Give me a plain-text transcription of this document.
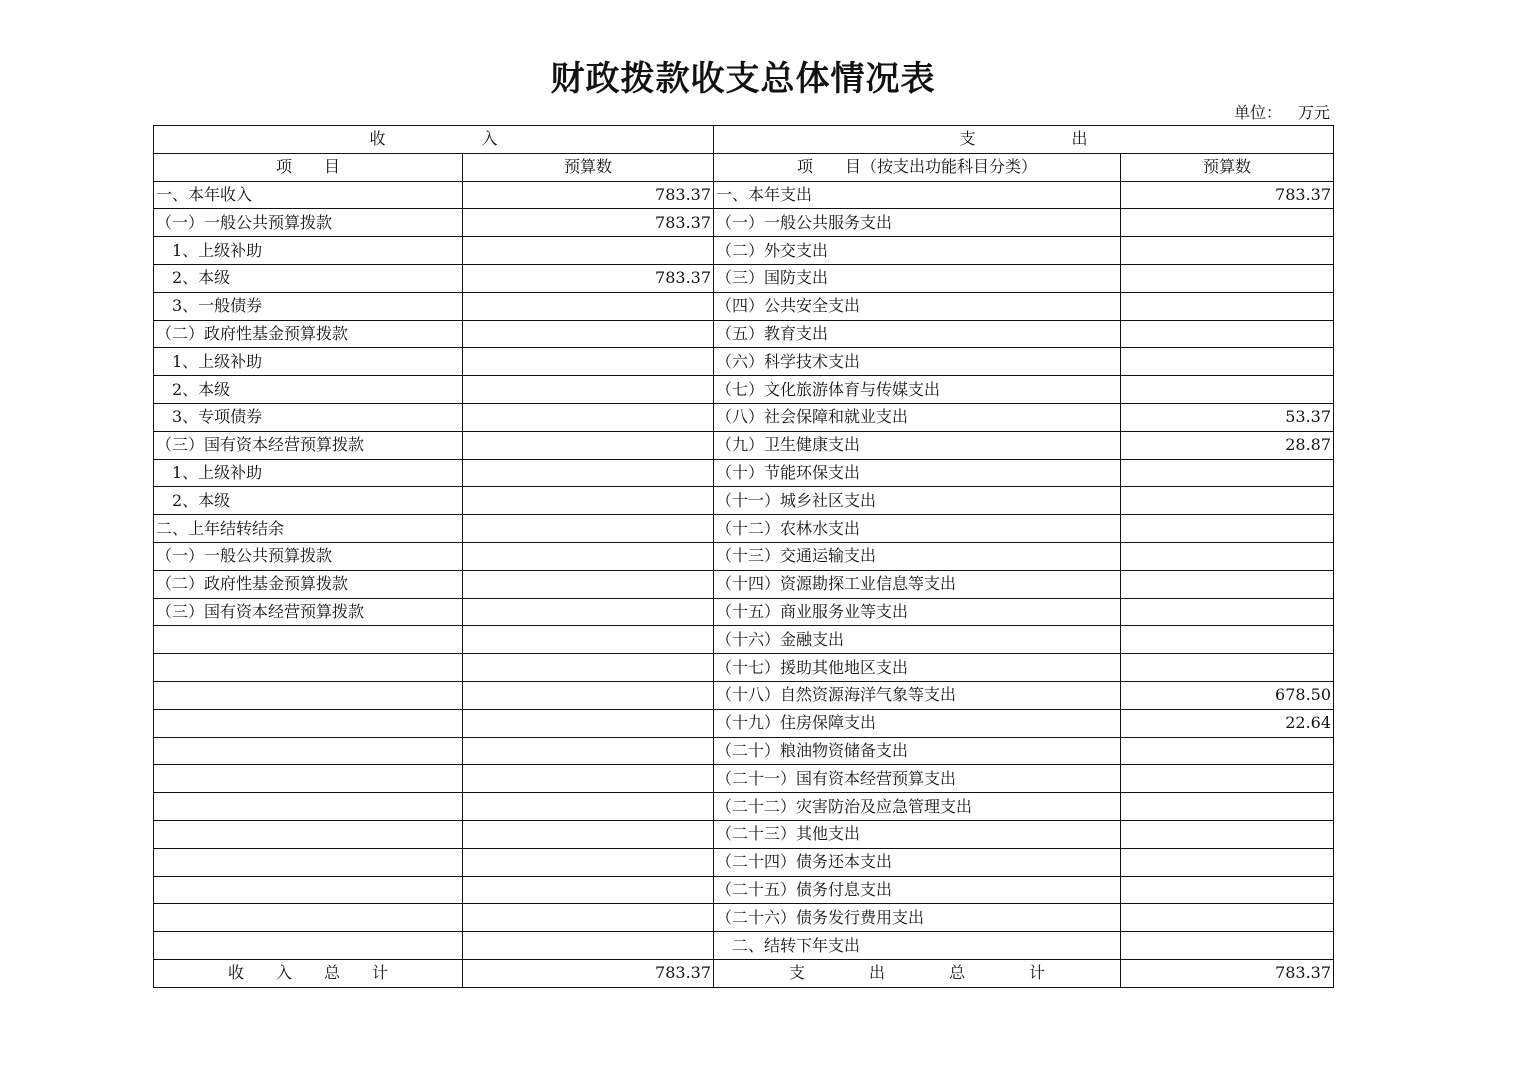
财政拨款收支总体情况表
单位： 万元
收　　　　　　入		支　　　　　　出	
项　　目	预算数	项　　目（按支出功能科目分类）	预算数
一、本年收入	783.37	一、本年支出	783.37
（一）一般公共预算拨款	783.37	（一）一般公共服务支出	
　1、上级补助		（二）外交支出	
　2、本级	783.37	（三）国防支出	
　3、一般债券		（四）公共安全支出	
（二）政府性基金预算拨款		（五）教育支出	
　1、上级补助		（六）科学技术支出	
　2、本级		（七）文化旅游体育与传媒支出	
　3、专项债券		（八）社会保障和就业支出	53.37
（三）国有资本经营预算拨款		（九）卫生健康支出	28.87
　1、上级补助		（十）节能环保支出	
　2、本级		（十一）城乡社区支出	
二、上年结转结余		（十二）农林水支出	
（一）一般公共预算拨款		（十三）交通运输支出	
（二）政府性基金预算拨款		（十四）资源勘探工业信息等支出	
（三）国有资本经营预算拨款		（十五）商业服务业等支出	
		（十六）金融支出	
		（十七）援助其他地区支出	
		（十八）自然资源海洋气象等支出	678.50
		（十九）住房保障支出	22.64
		（二十）粮油物资储备支出	
		（二十一）国有资本经营预算支出	
		（二十二）灾害防治及应急管理支出	
		（二十三）其他支出	
		（二十四）债务还本支出	
		（二十五）债务付息支出	
		（二十六）债务发行费用支出	
		　二、结转下年支出	
收　　入　　总　　计	783.37	支　　　　出　　　　总　　　　计	783.37
